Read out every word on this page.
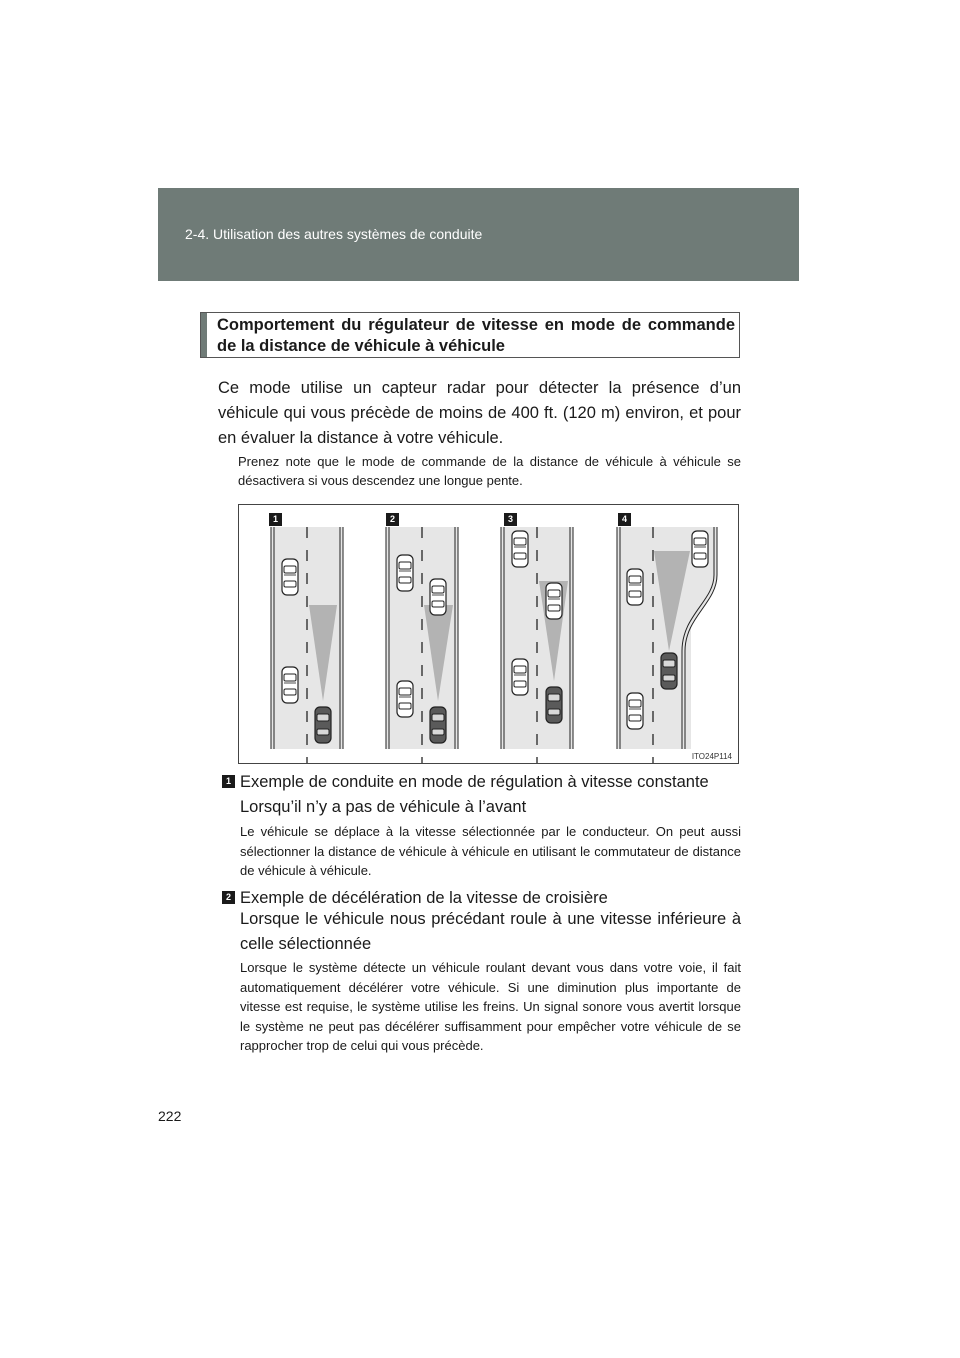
2-4. Utilisation des autres systèmes de conduite
Comportement du régulateur de vitesse en mode de commande de la distance de véhicule à véhicule
Ce mode utilise un capteur radar pour détecter la présence d’un véhicule qui vous précède de moins de 400 ft. (120 m) environ, et pour en évaluer la distance à votre véhicule.
Prenez note que le mode de commande de la distance de véhicule à véhicule se désactivera si vous descendez une longue pente.
1	2	3	4
ITO24P114
1 Exemple de conduite en mode de régulation à vitesse constante
Lorsqu’il n’y a pas de véhicule à l’avant
Le véhicule se déplace à la vitesse sélectionnée par le conducteur. On peut aussi sélectionner la distance de véhicule à véhicule en utilisant le commutateur de distance de véhicule à véhicule.
2 Exemple de décélération de la vitesse de croisière
Lorsque le véhicule nous précédant roule à une vitesse inférieure à celle sélectionnée
Lorsque le système détecte un véhicule roulant devant vous dans votre voie, il fait automatiquement décélérer votre véhicule. Si une diminution plus importante de vitesse est requise, le système utilise les freins. Un signal sonore vous avertit lorsque le système ne peut pas décélérer suffisamment pour empêcher votre véhicule de se rapprocher trop de celui qui vous précède.
222
